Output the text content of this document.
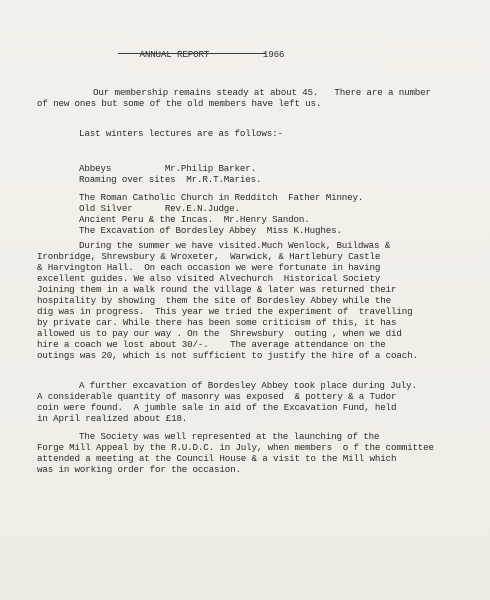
ANNUAL REPORT	1966

Our membership remains steady at about 45.   There are a number
of new ones but some of the old members have left us.
Last winters lectures are as follows:-
Abbeys          Mr.Philip Barker.
Roaming over sites  Mr.R.T.Maries.
The Roman Catholic Church in Redditch  Father Minney.
Old Silver      Rev.E.N.Judge.
Ancient Peru & the Incas.  Mr.Henry Sandon.
The Excavation of Bordesley Abbey  Miss K.Hughes.
During the summer we have visited.Much Wenlock, Buildwas &
Ironbridge, Shrewsbury & Wroxeter,  Warwick, & Hartlebury Castle
& Harvington Hall.  On each occasion we were fortunate in having
excellent guides. We also visited Alvechurch  Historical Society
Joining them in a walk round the village & later was returned their
hospitality by showing  them the site of Bordesley Abbey while the
dig was in progress.  This year we tried the experiment of  travelling
by private car. While there has been some criticism of this, it has
allowed us to pay our way . On the  Shrewsbury  outing , when we did
hire a coach we lost about 30/-.    The average attendance on the
outings was 20, which is not sufficient to justify the hire of a coach.
A further excavation of Bordesley Abbey took place during July.
A considerable quantity of masonry was exposed  & pottery & a Tudor
coin were found.  A jumble sale in aid of the Excavation Fund, held
in April realized about £18.
The Society was well represented at the launching of the
Forge Mill Appeal by the R.U.D.C. in July, when members  o f the committee
attended a meeting at the Council House & a visit to the Mill which
was in working order for the occasion.
